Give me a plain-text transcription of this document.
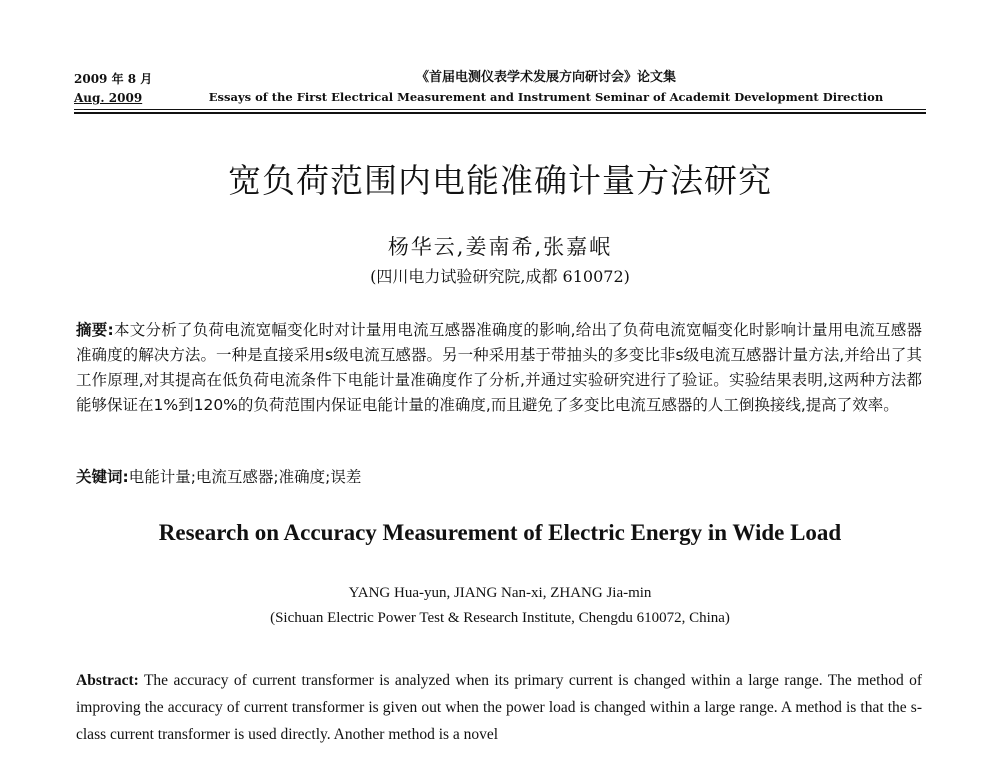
2009 年 8 月
Aug. 2009
《首届电测仪表学术发展方向研讨会》论文集
Essays of the First Electrical Measurement and Instrument Seminar of Academit Development Direction
宽负荷范围内电能准确计量方法研究
杨华云,姜南希,张嘉岷
(四川电力试验研究院,成都 610072)
摘要:本文分析了负荷电流宽幅变化时对计量用电流互感器准确度的影响,给出了负荷电流宽幅变化时影响计量用电流互感器准确度的解决方法。一种是直接采用s级电流互感器。另一种采用基于带抽头的多变比非s级电流互感器计量方法,并给出了其工作原理,对其提高在低负荷电流条件下电能计量准确度作了分析,并通过实验研究进行了验证。实验结果表明,这两种方法都能够保证在1%到120%的负荷范围内保证电能计量的准确度,而且避免了多变比电流互感器的人工倒换接线,提高了效率。
关键词:电能计量;电流互感器;准确度;误差
Research on Accuracy Measurement of Electric Energy in Wide Load
YANG Hua-yun, JIANG Nan-xi, ZHANG Jia-min
(Sichuan Electric Power Test & Research Institute, Chengdu 610072, China)
Abstract: The accuracy of current transformer is analyzed when its primary current is changed within a large range. The method of improving the accuracy of current transformer is given out when the power load is changed within a large range. A method is that the s-class current transformer is used directly. Another method is a novel
